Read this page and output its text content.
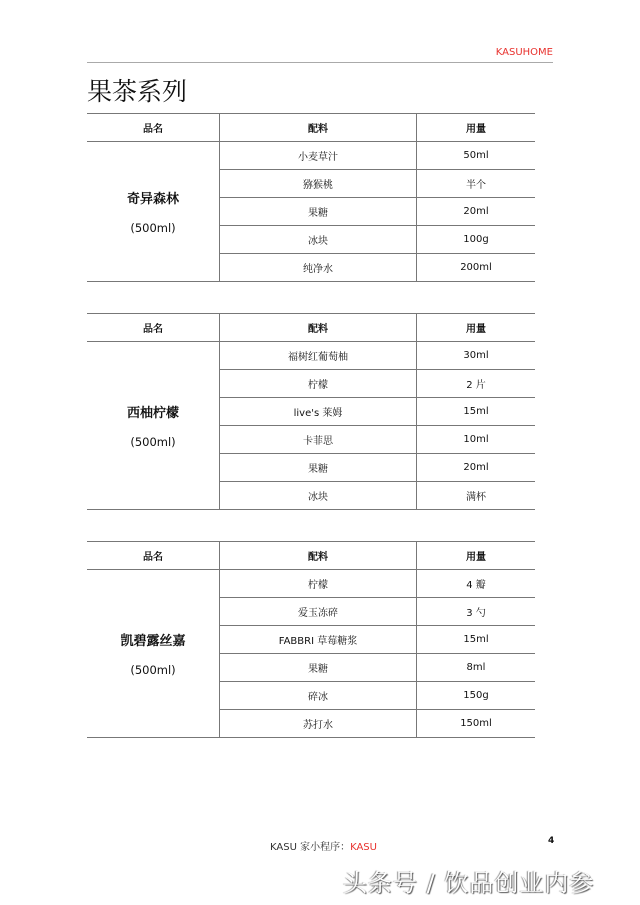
KASUHOME
果茶系列
品名	配料	用量

奇异森林
(500ml)	小麦草汁	50ml
	猕猴桃	半个
	果糖	20ml
	冰块	100g
	纯净水	200ml
品名	配料	用量

西柚柠檬
(500ml)	福树红葡萄柚	30ml
	柠檬	2 片
	live's 莱姆	15ml
	卡菲思	10ml
	果糖	20ml
	冰块	满杯
品名	配料	用量

凯碧露丝嘉
(500ml)	柠檬	4 瓣
	爱玉冻碎	3 勺
	FABBRI 草莓糖浆	15ml
	果糖	8ml
	碎冰	150g
	苏打水	150ml
KASU 家小程序：KASU
4
头条号 / 饮品创业内参
